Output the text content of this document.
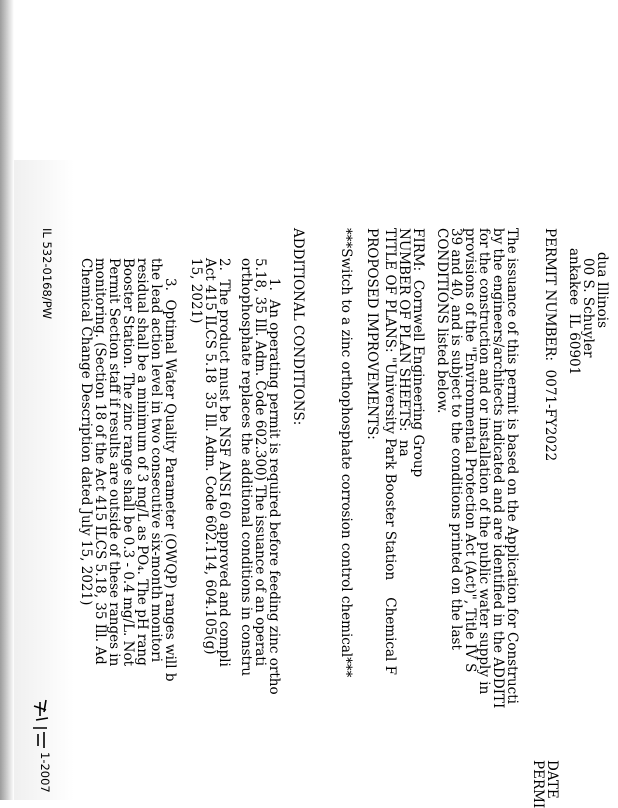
dua Illinois
00 S. Schuyler
ankakee  IL 60901
DATE
PERMI
PERMIT NUMBER:  0071-FY2022
The issuance of this permit is based on the Application for Constructi
by the engineers/architects indicated and are identified in the ADDITI
for the construction and or installation of the public water supply in
provisions of the "Environmental Protection Act (Act)", Title IV S
39 and 40, and is subject to the conditions printed on the last
CONDITIONS listed below.
FIRM:  Cornwell Engineering Group
NUMBER OF PLAN SHEETS:  na
TITLE OF PLANS: "University Park Booster Station    Chemical F
PROPOSED IMPROVEMENTS:
***Switch to a zinc orthophosphate corrosion control chemical***
ADDITIONAL CONDITIONS:
1.  An operating permit is required before feeding zinc ortho
5.18, 35 Ill. Adm. Code 602.300) The issuance of an operati
orthophosphate replaces the additional conditions in constru
2.  The product must be NSF ANSI 60 approved and compli
Act 415 ILCS 5.18  35 Ill. Adm. Code 602.114, 604.105(g)
15, 2021)
3.  Optimal Water Quality Parameter (OWQP) ranges will b
the lead action level in two consecutive six-month monitori
residual shall be a minimum of 3 mg/L as PO₄. The pH rang
Booster Station. The zinc range shall be 0.3 - 0.4 mg/L. Not
Permit Section staff if results are outside of these ranges in
monitoring. (Section 18 of the Act 415 ILCS 5.18, 35 Ill. Ad
Chemical Change Description dated July 15, 2021)
IL 532-0168/PW
1-2007
